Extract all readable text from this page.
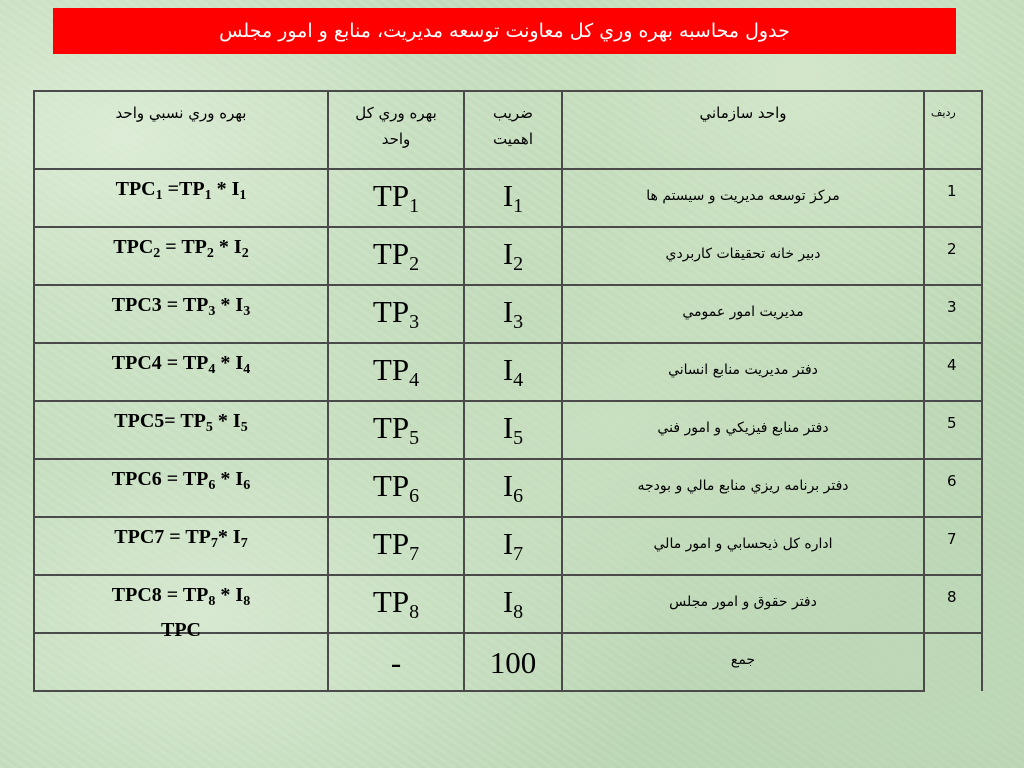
جدول محاسبه بهره وري كل معاونت توسعه مديريت، منابع و امور مجلس
رديف	واحد سازماني	ضريب اهميت	بهره وري كل واحد	بهره وري نسبي واحد
1	مركز توسعه مديريت و سيستم ها	$I_1$	$TP_1$	$TPC_1 =TP_1 * I_1$

2	دبير خانه تحقيقات كاربردي	$I_2$	$TP_2$	$TPC_2 = TP_2 * I_2$

3	مديريت امور عمومي	$I_3$	$TP_3$	$TPC3 = TP_3 * I_3$

4	دفتر مديريت منابع انساني	$I_4$	$TP_4$	$TPC4 = TP_4 * I_4$

5	دفتر منابع فيزيكي و امور فني	$I_5$	$TP_5$	$TPC5= TP_5 * I_5$

6	دفتر برنامه ريزي منابع مالي و بودجه	$I_6$	$TP_6$	$TPC6 = TP_6 * I_6$

7	اداره كل ذيحسابي و امور مالي	$I_7$	$TP_7$	$TPC7 = TP_7*$ $I_7$

8	دفتر حقوق و امور مجلس	$I_8$	$TP_8$	$TPC8 = TP_8 * I_8$

	جمع	100	-	TPC
